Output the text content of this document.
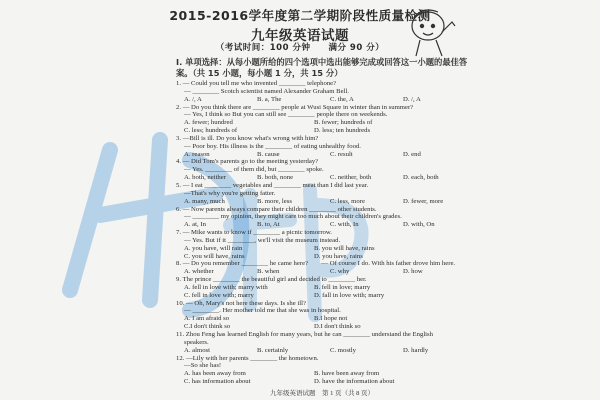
2015-2016学年度第二学期阶段性质量检测
九年级英语试题
（考试时间：100 分钟　　满分 90 分）
Ⅰ. 单项选择：从每小题所给的四个选项中选出能够完成或回答这一小题的最佳答案。（共 15 小题，每小题 1 分，共 15 分）
1. — Could you tell me who invented ________ telephone?
— ________ Scotch scientist named Alexander Graham Bell.
A. /, A	B. a, The	C. the, A	D. /, A
2. — Do you think there are ________ people at Wusi Square in winter than in summer?
— Yes, I think so But you can still see ________ people there on weekends.
A. fewer; hundred	B. fewer; hundreds of
C. less; hundreds of	D. less; ten hundreds
3. —Bill is ill. Do you know what's wrong with him?
— Poor boy. His illness is the ________ of eating unhealthy food.
A. reason	B. cause	C. result	D. end
4. — Did Tom's parents go to the meeting yesterday?
— Yes. ________ of them did, but ________ spoke.
A. both, neither	B. both, none	C. neither, both	D. each, both
5. — I eat ________ vegetables and ________ meat than I did last year.
—That's why you're getting fatter.
A. many, much	B. more, less	C. less, more	D. fewer, more
6. — Now parents always compare their children ________ other students.
— ________ my opinion, they might care too much about their children's grades.
A. at, In	B. to, At	C. with, In	D. with, On
7. — Mike wants to know if ________ a picnic tomorrow.
— Yes. But if it ________, we'll visit the museum instead.
A. you have, will rain	B. you will have, rains
C. you will have, rains	D. you have, rains
8. — Do you remember ________ he came here?　　— Of course I do. With his father drove him here.
A. whether	B. when	C. why	D. how
9. The prince ________ the beautiful girl and decided to ________ her.
A. fell in love with; marry with	B. fell in love; marry
C. fell in love with; marry	D. fall in love with; marry
10. — Oh, Mary's not here these days. Is she ill?
— ________. Her mother told me that she was in hospital.
A. I am afraid so	B.I hope not
C.I don't think so	D.I don't think so
11. Zhou Feng has learned English for many years, but he can ________ understand the English
speakers.
A. almost	B. certainly	C. mostly	D. hardly
12. —Lily with her parents ________ the hometown.
—So she has!
A. has been away from	B. have been away from
C. has information about	D. have the information about
九年级英语试题　第 1 页（共 8 页）
